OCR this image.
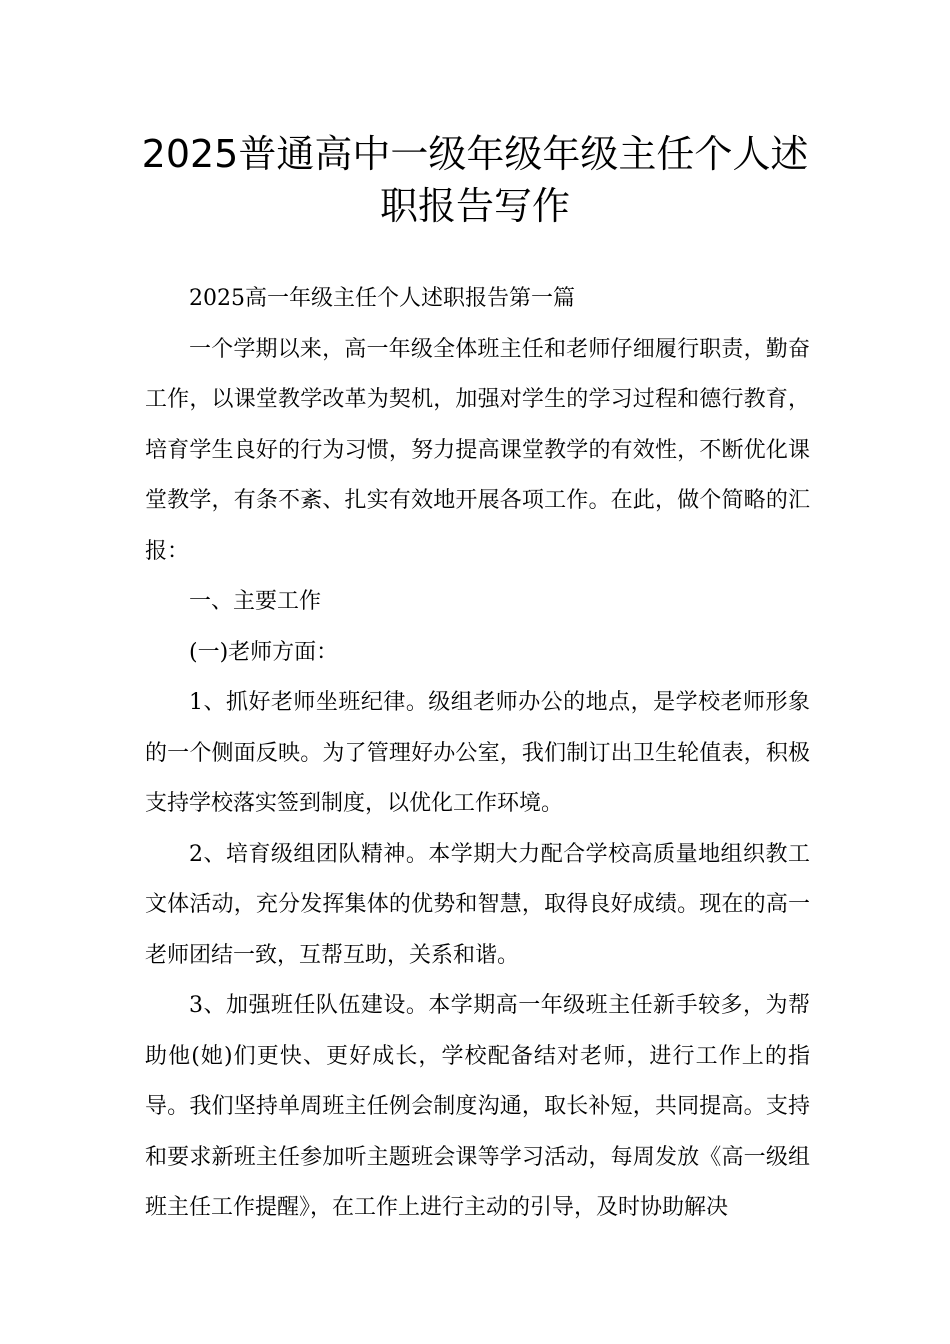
2025普通高中一级年级年级主任个人述职报告写作

2025高一年级主任个人述职报告第一篇

一个学期以来，高一年级全体班主任和老师仔细履行职责，勤奋工作，以课堂教学改革为契机，加强对学生的学习过程和德行教育，培育学生良好的行为习惯，努力提高课堂教学的有效性，不断优化课堂教学，有条不紊、扎实有效地开展各项工作。在此，做个简略的汇报：

一、主要工作

(一)老师方面：

1、抓好老师坐班纪律。级组老师办公的地点，是学校老师形象的一个侧面反映。为了管理好办公室，我们制订出卫生轮值表，积极支持学校落实签到制度，以优化工作环境。

2、培育级组团队精神。本学期大力配合学校高质量地组织教工文体活动，充分发挥集体的优势和智慧，取得良好成绩。现在的高一老师团结一致，互帮互助，关系和谐。

3、加强班任队伍建设。本学期高一年级班主任新手较多，为帮助他(她)们更快、更好成长，学校配备结对老师，进行工作上的指导。我们坚持单周班主任例会制度沟通，取长补短，共同提高。支持和要求新班主任参加听主题班会课等学习活动，每周发放《高一级组班主任工作提醒》，在工作上进行主动的引导，及时协助解决
